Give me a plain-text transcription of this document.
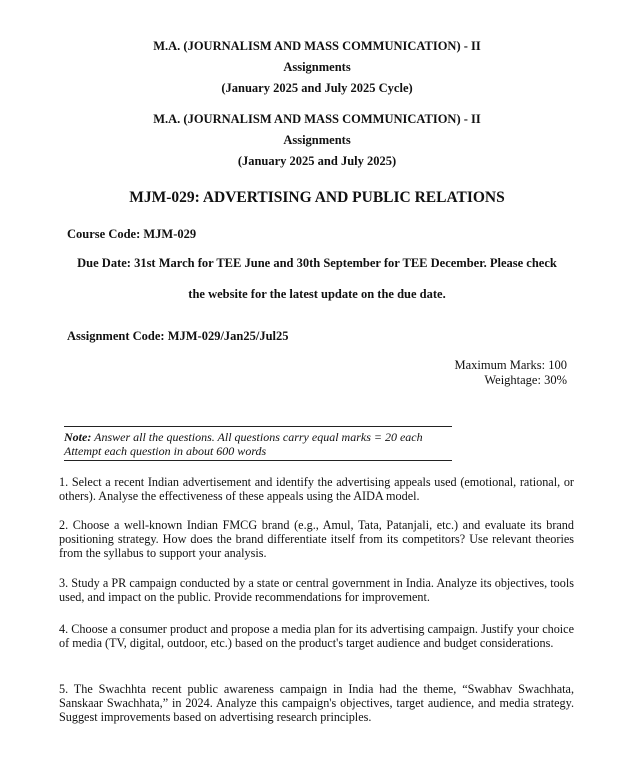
M.A. (JOURNALISM AND MASS COMMUNICATION) - II
Assignments
(January 2025 and July 2025 Cycle)
M.A. (JOURNALISM AND MASS COMMUNICATION) - II
Assignments
(January 2025 and July 2025)
MJM-029: ADVERTISING AND PUBLIC RELATIONS
Course Code: MJM-029
Due Date: 31st March for TEE June and 30th September for TEE December. Please check
the website for the latest update on the due date.
Assignment Code: MJM-029/Jan25/Jul25
Maximum Marks: 100
Weightage: 30%
Note: Answer all the questions. All questions carry equal marks = 20 each
Attempt each question in about 600 words
1. Select a recent Indian advertisement and identify the advertising appeals used (emotional, rational, or others). Analyse the effectiveness of these appeals using the AIDA model.
2. Choose a well-known Indian FMCG brand (e.g., Amul, Tata, Patanjali, etc.) and evaluate its brand positioning strategy. How does the brand differentiate itself from its competitors? Use relevant theories from the syllabus to support your analysis.
3. Study a PR campaign conducted by a state or central government in India. Analyze its objectives, tools used, and impact on the public. Provide recommendations for improvement.
4. Choose a consumer product and propose a media plan for its advertising campaign. Justify your choice of media (TV, digital, outdoor, etc.) based on the product's target audience and budget considerations.
5. The Swachhta recent public awareness campaign in India had the theme, “Swabhav Swachhata, Sanskaar Swachhata,” in 2024. Analyze this campaign's objectives, target audience, and media strategy. Suggest improvements based on advertising research principles.
